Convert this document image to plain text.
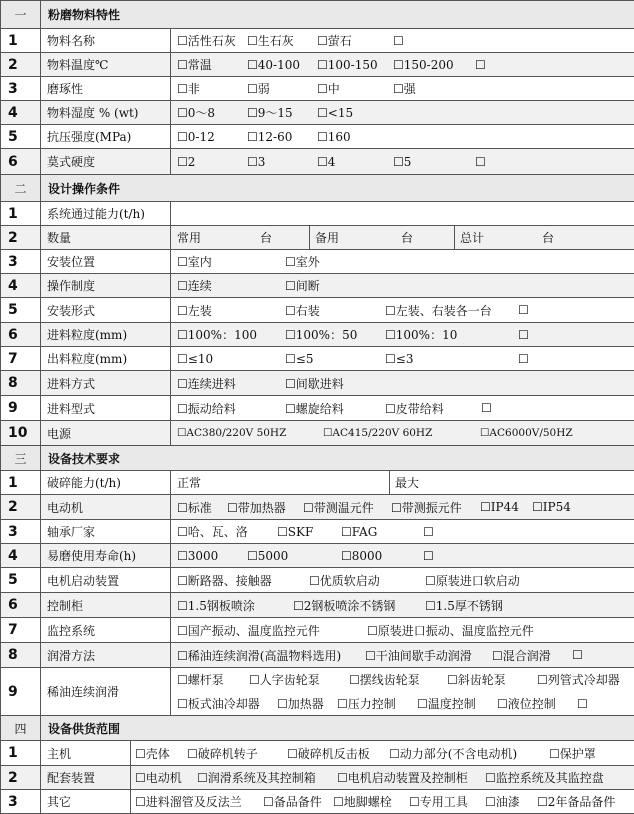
一	粉磨物料特性
1	物料名称	☐活性石灰 ☐生石灰 ☐萤石	☐
2	物料温度℃	☐常温	☐40-100 ☐100-150 ☐150-200 ☐
3	磨琢性	☐非	☐弱	☐中	☐强
4	物料湿度 % (wt)	☐0～8	☐9～15 ☐<15
5	抗压强度(MPa)	☐0-12	☐12-60 ☐160
6	莫式硬度	☐2	☐3	☐4	☐5	☐
二	设计操作条件
1	系统通过能力(t/h)
2	数量	常用	台	备用	台	总计	台
3	安装位置	☐室内	☐室外
4	操作制度	☐连续	☐间断
5	安装形式	☐左装	☐右装	☐左装、右装各一台 ☐
6	进料粒度(mm)	☐100%：100 ☐100%：50 ☐100%：10	☐
7	出料粒度(mm)	☐≤10	☐≤5	☐≤3	☐
8	进料方式	☐连续进料	☐间歇进料
9	进料型式	☐振动给料	☐螺旋给料	☐皮带给料	☐
10	电源	☐AC380/220V 50HZ	☐AC415/220V 60HZ	☐AC6000V/50HZ
三	设备技术要求
1	破碎能力(t/h)	正常	最大
2	电动机	☐标准 ☐带加热器 ☐带测温元件 ☐带测振元件 ☐IP44 ☐IP54
3	轴承厂家	☐哈、瓦、洛 ☐SKF ☐FAG	☐
4	易磨使用寿命(h)	☐3000 ☐5000	☐8000	☐
5	电机启动装置	☐断路器、接触器	☐优质软启动	☐原装进口软启动
6	控制柜	☐1.5钢板喷涂	☐2钢板喷涂不锈钢 ☐1.5厚不锈钢
7	监控系统	☐国产振动、温度监控元件	☐原装进口振动、温度监控元件
8	润滑方法	☐稀油连续润滑(高温物料选用) ☐干油间歇手动润滑 ☐混合润滑 ☐
9	稀油连续润滑
☐螺杆泵 ☐人字齿轮泵 ☐摆线齿轮泵 ☐斜齿轮泵	☐列管式冷却器
☐板式油冷却器 ☐加热器 ☐压力控制 ☐温度控制 ☐液位控制 ☐
四	设备供货范围
1	主机	☐壳体 ☐破碎机转子 ☐破碎机反击板 ☐动力部分(不含电动机)	☐保护罩
2	配套装置	☐电动机 ☐润滑系统及其控制箱 ☐电机启动装置及控制柜 ☐监控系统及其监控盘
3	其它	☐进料溜管及反法兰 ☐备品备件 ☐地脚螺栓 ☐专用工具 ☐油漆 ☐2年备品备件
